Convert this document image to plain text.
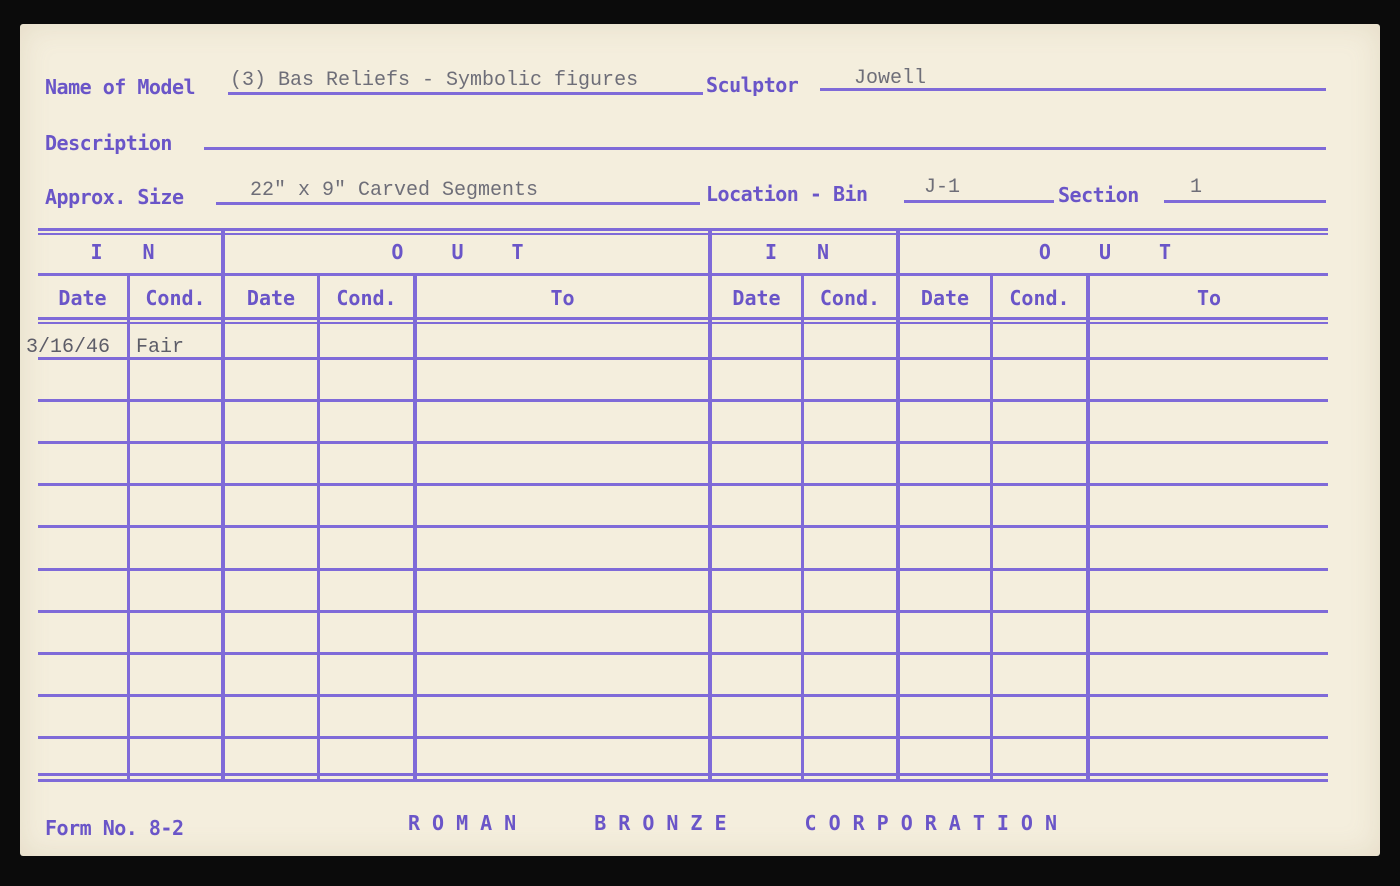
Name of Model (3) Bas Reliefs - Symbolic figures	Sculptor	Jowell
Description
Approx. Size	22" x 9" Carved Segments	Location - Bin	J-1	Section	1
I N	O U T	I N	O U T
Date	Cond.	Date	Cond.	To	Date	Cond.	Date	Cond.	To
3/16/46 Fair
Form No. 8-2	ROMAN BRONZE CORPORATION
